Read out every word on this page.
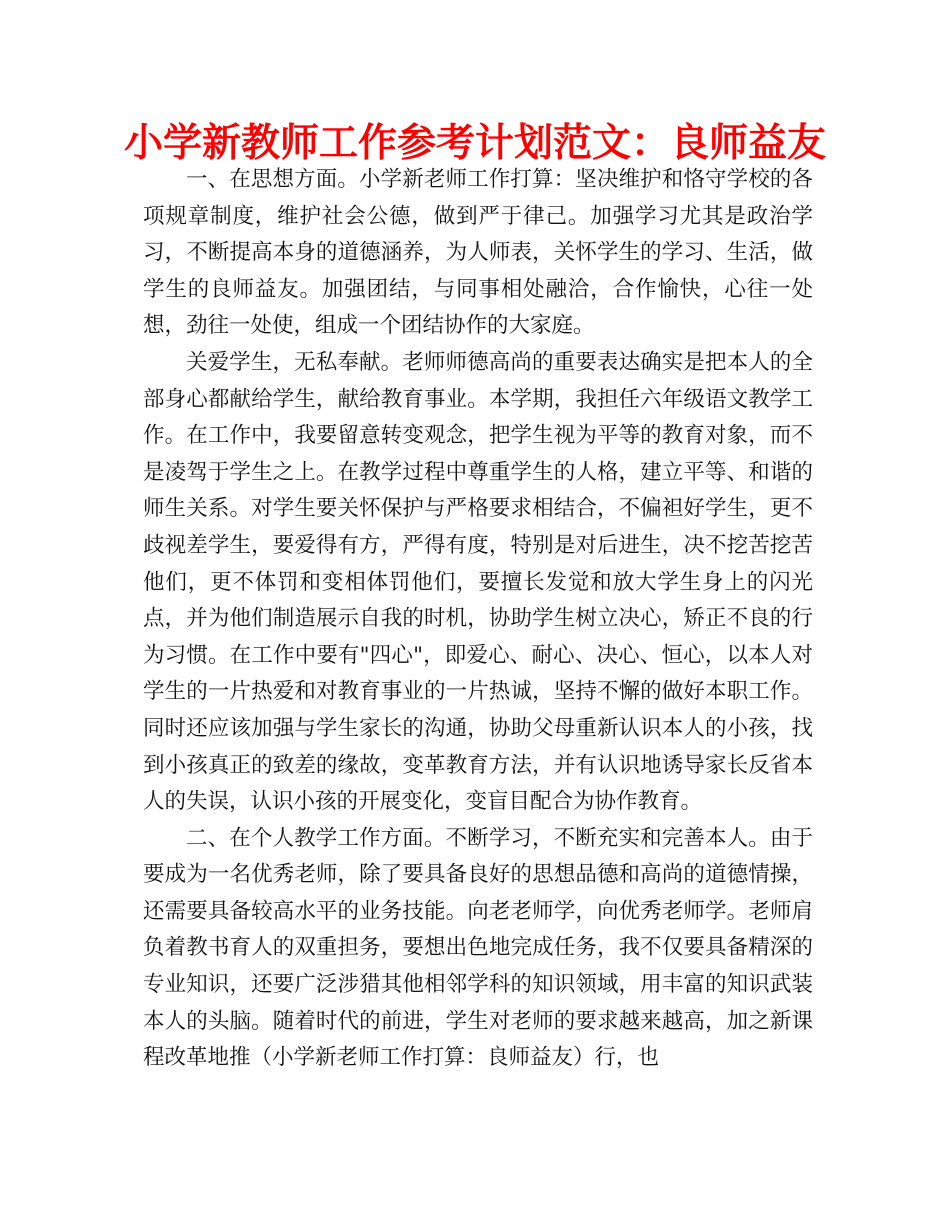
小学新教师工作参考计划范文：良师益友

一、在思想方面。小学新老师工作打算：坚决维护和恪守学校的各项规章制度，维护社会公德，做到严于律己。加强学习尤其是政治学习，不断提高本身的道德涵养，为人师表，关怀学生的学习、生活，做学生的良师益友。加强团结，与同事相处融洽，合作愉快，心往一处想，劲往一处使，组成一个团结协作的大家庭。

关爱学生，无私奉献。老师师德高尚的重要表达确实是把本人的全部身心都献给学生，献给教育事业。本学期，我担任六年级语文教学工作。在工作中，我要留意转变观念，把学生视为平等的教育对象，而不是凌驾于学生之上。在教学过程中尊重学生的人格，建立平等、和谐的师生关系。对学生要关怀保护与严格要求相结合，不偏袒好学生，更不歧视差学生，要爱得有方，严得有度，特别是对后进生，决不挖苦挖苦他们，更不体罚和变相体罚他们，要擅长发觉和放大学生身上的闪光点，并为他们制造展示自我的时机，协助学生树立决心，矫正不良的行为习惯。在工作中要有"四心"，即爱心、耐心、决心、恒心，以本人对学生的一片热爱和对教育事业的一片热诚，坚持不懈的做好本职工作。同时还应该加强与学生家长的沟通，协助父母重新认识本人的小孩，找到小孩真正的致差的缘故，变革教育方法，并有认识地诱导家长反省本人的失误，认识小孩的开展变化，变盲目配合为协作教育。

二、在个人教学工作方面。不断学习，不断充实和完善本人。由于要成为一名优秀老师，除了要具备良好的思想品德和高尚的道德情操，还需要具备较高水平的业务技能。向老老师学，向优秀老师学。老师肩负着教书育人的双重担务，要想出色地完成任务，我不仅要具备精深的专业知识，还要广泛涉猎其他相邻学科的知识领域，用丰富的知识武装本人的头脑。随着时代的前进，学生对老师的要求越来越高，加之新课程改革地推（小学新老师工作打算：良师益友）行，也
